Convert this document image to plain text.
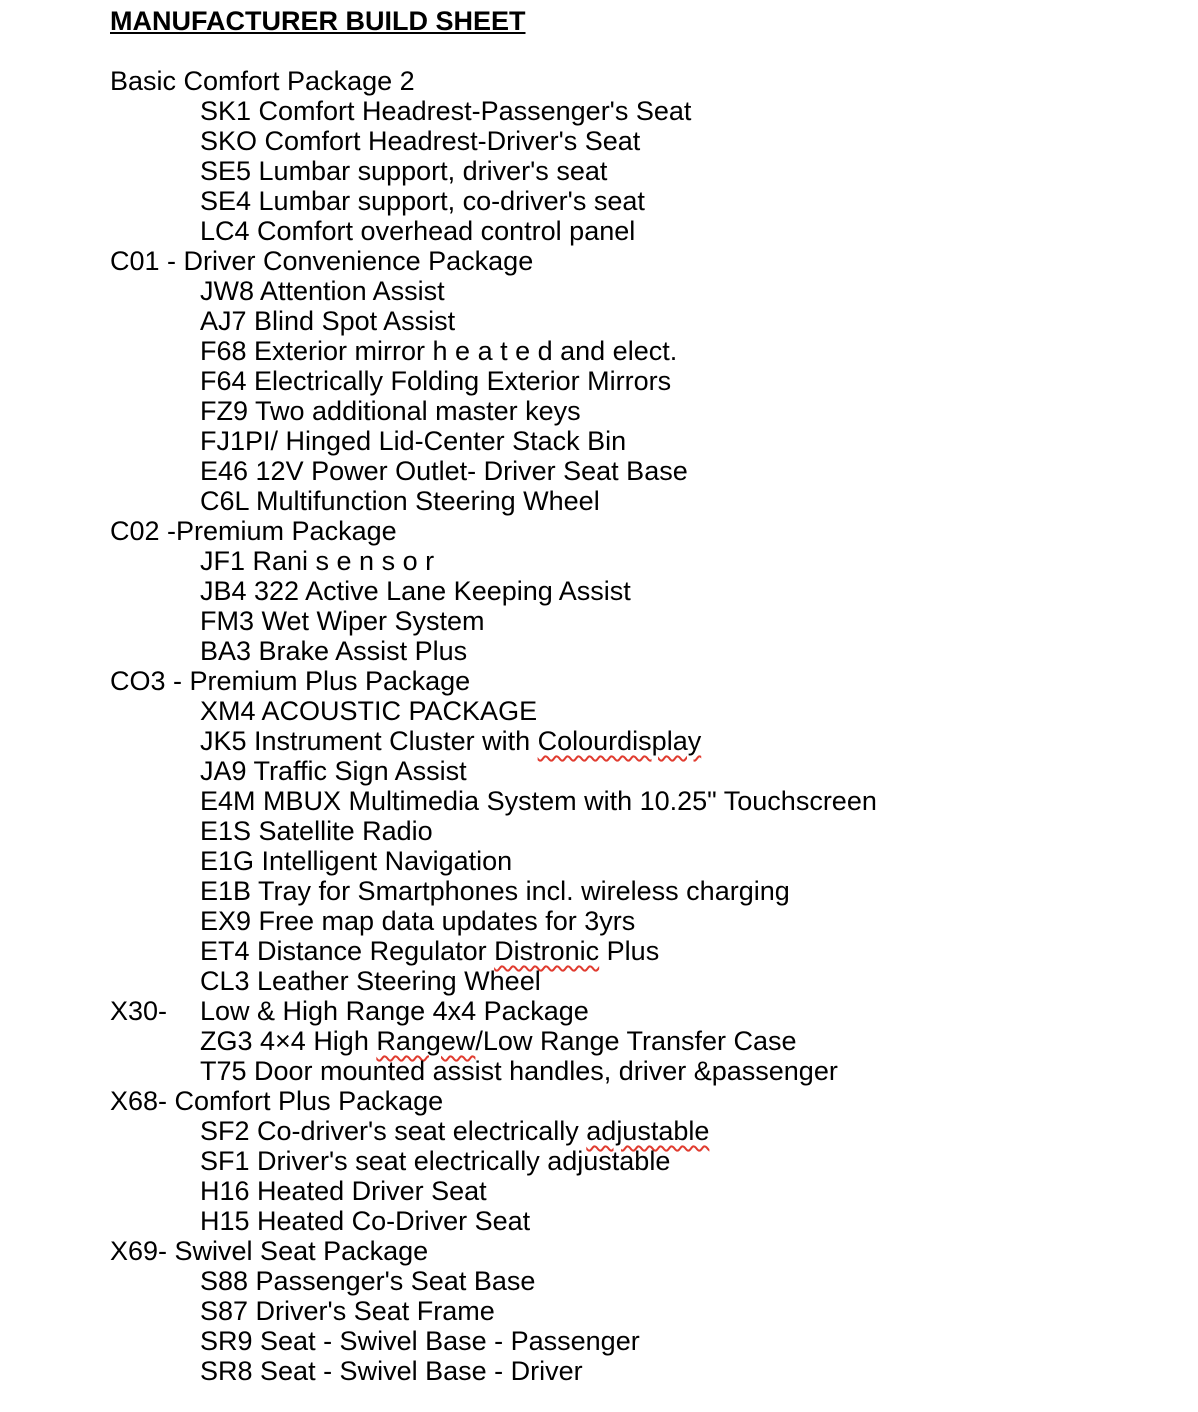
MANUFACTURER BUILD SHEET
Basic Comfort Package 2
SK1 Comfort Headrest-Passenger's Seat
SKO Comfort Headrest-Driver's Seat
SE5 Lumbar support, driver's seat
SE4 Lumbar support, co-driver's seat
LC4 Comfort overhead control panel
C01 - Driver Convenience Package
JW8 Attention Assist
AJ7 Blind Spot Assist
F68 Exterior mirror h e a t e d and elect.
F64 Electrically Folding Exterior Mirrors
FZ9 Two additional master keys
FJ1PI/ Hinged Lid-Center Stack Bin
E46 12V Power Outlet- Driver Seat Base
C6L Multifunction Steering Wheel
C02 -Premium Package
JF1 Rani s e n s o r
JB4 322 Active Lane Keeping Assist
FM3 Wet Wiper System
BA3 Brake Assist Plus
CO3 - Premium Plus Package
XM4 ACOUSTIC PACKAGE
JK5 Instrument Cluster with Colourdisplay
JA9 Traffic Sign Assist
E4M MBUX Multimedia System with 10.25" Touchscreen
E1S Satellite Radio
E1G Intelligent Navigation
E1B Tray for Smartphones incl. wireless charging
EX9 Free map data updates for 3yrs
ET4 Distance Regulator Distronic Plus
CL3 Leather Steering Wheel
X30- Low & High Range 4x4 Package
ZG3 4×4 High Rangew/Low Range Transfer Case
T75 Door mounted assist handles, driver &passenger
X68- Comfort Plus Package
SF2 Co-driver's seat electrically adjustable
SF1 Driver's seat electrically adjustable
H16 Heated Driver Seat
H15 Heated Co-Driver Seat
X69- Swivel Seat Package
S88 Passenger's Seat Base
S87 Driver's Seat Frame
SR9 Seat - Swivel Base - Passenger
SR8 Seat - Swivel Base - Driver
